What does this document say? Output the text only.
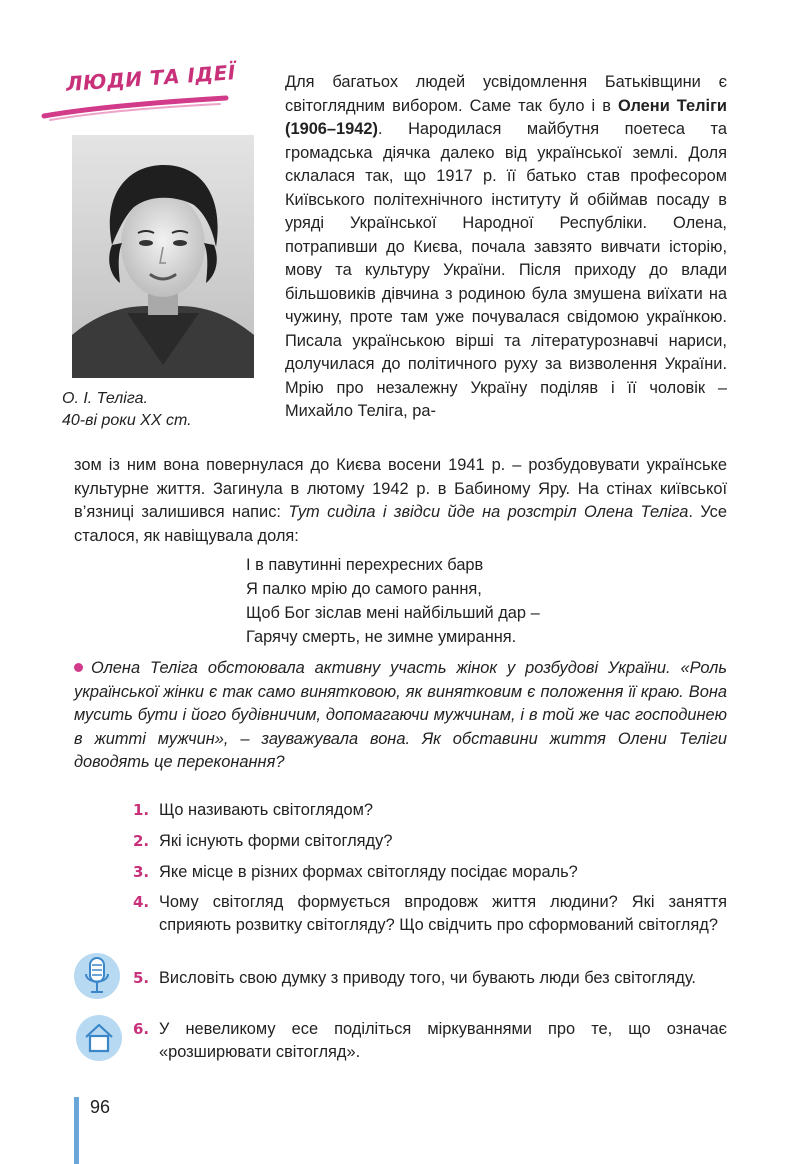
ЛЮДИ ТА ІДЕЇ
О. І. Теліга.
40-ві роки XX ст.
Для багатьох людей усвідомлення Батьківщини є світоглядним вибором. Саме так було і в Олени Теліги (1906–1942). Народилася майбутня поетеса та громадська діячка далеко від української землі. Доля склалася так, що 1917 р. її батько став професором Київського політехнічного інституту й обіймав посаду в уряді Української Народної Республіки. Олена, потрапивши до Києва, почала завзято вивчати історію, мову та культуру України. Після приходу до влади більшовиків дівчина з родиною була змушена виїхати на чужину, проте там уже почувалася свідомою українкою. Писала українською вірші та літературознавчі нариси, долучилася до політичного руху за визволення України. Мрію про незалежну Україну поділяв і її чоловік – Михайло Теліга, ра-
зом із ним вона повернулася до Києва восени 1941 р. – розбудовувати українське культурне життя. Загинула в лютому 1942 р. в Бабиному Яру. На стінах київської в’язниці залишився напис: Тут сиділа і звідси йде на розстріл Олена Теліга. Усе сталося, як навіщувала доля:
І в павутинні перехресних барв
Я палко мрію до самого рання,
Щоб Бог зіслав мені найбільший дар –
Гарячу смерть, не зимне умирання.
Олена Теліга обстоювала активну участь жінок у розбудові України. «Роль української жінки є так само винятковою, як винятковим є положення її краю. Вона мусить бути і його будівничим, допомагаючи мужчинам, і в той же час господинею в житті мужчин», – зауважувала вона. Як обставини життя Олени Теліги доводять це переконання?
1. Що називають світоглядом?
2. Які існують форми світогляду?
3. Яке місце в різних формах світогляду посідає мораль?
4. Чому світогляд формується впродовж життя людини? Які заняття сприяють розвитку світогляду? Що свідчить про сформований світогляд?
5. Висловіть свою думку з приводу того, чи бувають люди без світогляду.
6. У невеликому есе поділіться міркуваннями про те, що означає «розширювати світогляд».
96
